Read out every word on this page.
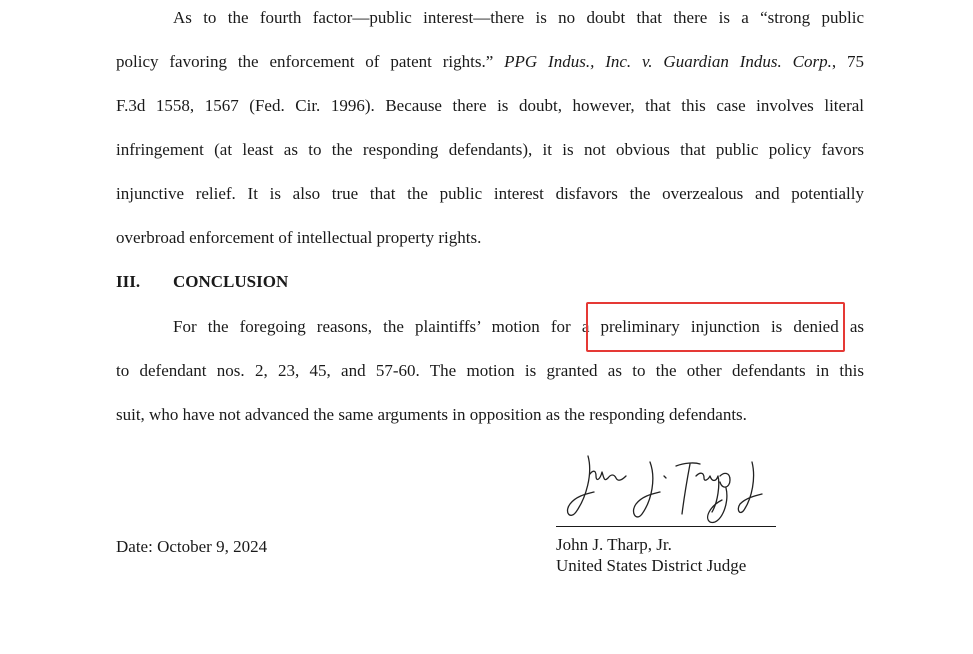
As to the fourth factor—public interest—there is no doubt that there is a “strong public
policy favoring the enforcement of patent rights.” PPG Indus., Inc. v. Guardian Indus. Corp., 75
F.3d 1558, 1567 (Fed. Cir. 1996). Because there is doubt, however, that this case involves literal
infringement (at least as to the responding defendants), it is not obvious that public policy favors
injunctive relief. It is also true that the public interest disfavors the overzealous and potentially
overbroad enforcement of intellectual property rights.
III. CONCLUSION
For the foregoing reasons, the plaintiffs’ motion for a preliminary injunction is denied as
to defendant nos. 2, 23, 45, and 57-60. The motion is granted as to the other defendants in this
suit, who have not advanced the same arguments in opposition as the responding defendants.
Date: October 9, 2024	John J. Tharp, Jr.
United States District Judge
